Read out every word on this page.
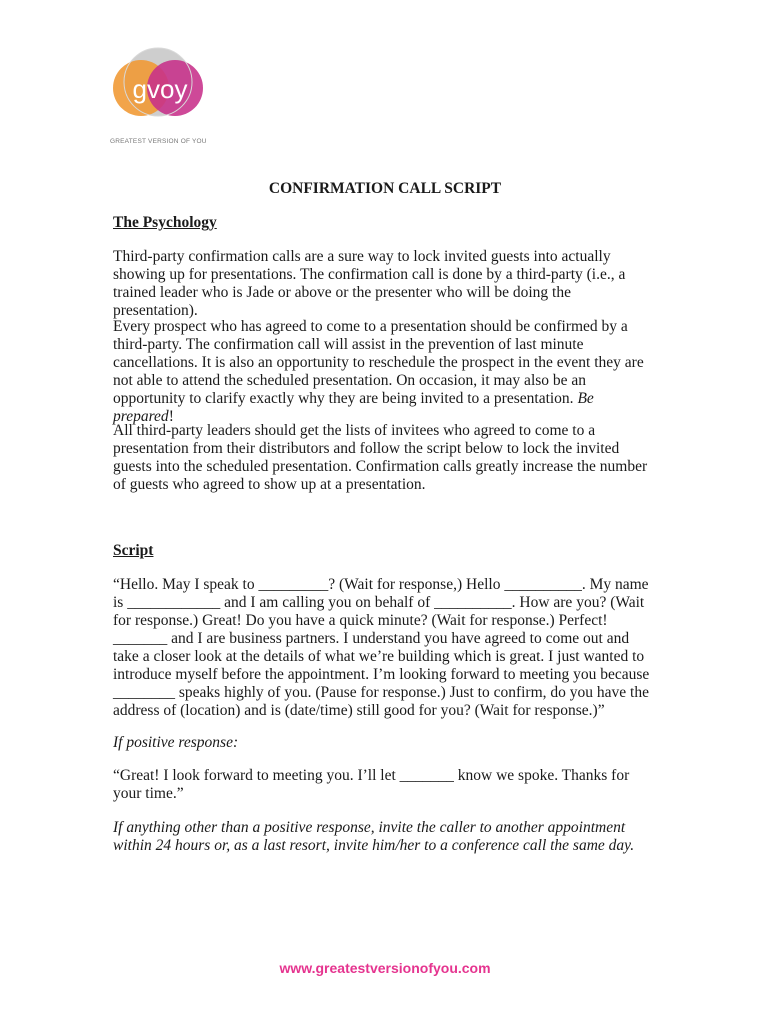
gvoy
GREATEST VERSION OF YOU
CONFIRMATION CALL SCRIPT
The Psychology

Third-party confirmation calls are a sure way to lock invited guests into actually showing up for presentations. The confirmation call is done by a third-party (i.e., a trained leader who is Jade or above or the presenter who will be doing the presentation).

Every prospect who has agreed to come to a presentation should be confirmed by a third-party. The confirmation call will assist in the prevention of last minute cancellations. It is also an opportunity to reschedule the prospect in the event they are not able to attend the scheduled presentation. On occasion, it may also be an opportunity to clarify exactly why they are being invited to a presentation. Be prepared!

All third-party leaders should get the lists of invitees who agreed to come to a presentation from their distributors and follow the script below to lock the invited guests into the scheduled presentation. Confirmation calls greatly increase the number of guests who agreed to show up at a presentation.

Script

“Hello. May I speak to _________? (Wait for response,) Hello __________. My name is ____________ and I am calling you on behalf of __________. How are you? (Wait for response.) Great! Do you have a quick minute? (Wait for response.) Perfect! _______ and I are business partners. I understand you have agreed to come out and take a closer look at the details of what we’re building which is great. I just wanted to introduce myself before the appointment. I’m looking forward to meeting you because ________ speaks highly of you. (Pause for response.) Just to confirm, do you have the address of (location) and is (date/time) still good for you? (Wait for response.)”

If positive response:

“Great! I look forward to meeting you. I’ll let _______ know we spoke. Thanks for your time.”

If anything other than a positive response, invite the caller to another appointment within 24 hours or, as a last resort, invite him/her to a conference call the same day.

www.greatestversionofyou.com
